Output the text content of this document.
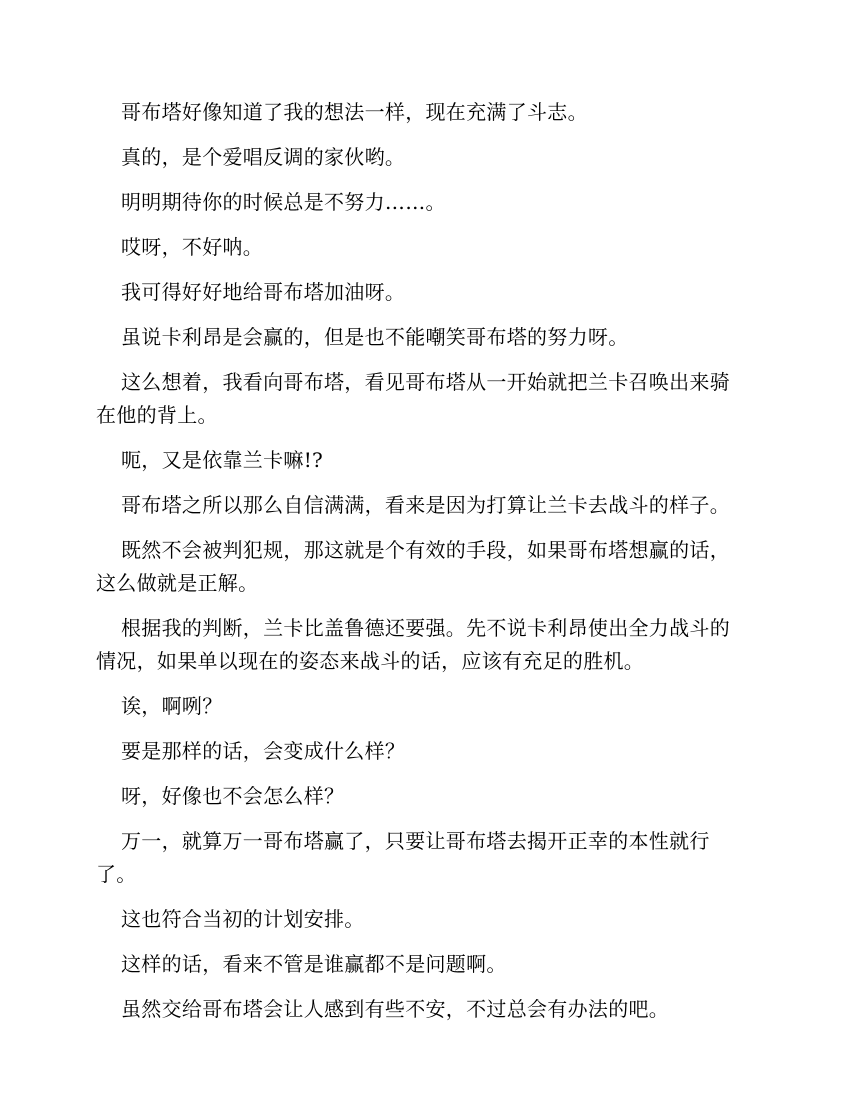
哥布塔好像知道了我的想法一样，现在充满了斗志。

真的，是个爱唱反调的家伙哟。

明明期待你的时候总是不努力……。

哎呀，不好呐。

我可得好好地给哥布塔加油呀。

虽说卡利昂是会赢的，但是也不能嘲笑哥布塔的努力呀。

这么想着，我看向哥布塔，看见哥布塔从一开始就把兰卡召唤出来骑在他的背上。

呃，又是依靠兰卡嘛!?

哥布塔之所以那么自信满满，看来是因为打算让兰卡去战斗的样子。

既然不会被判犯规，那这就是个有效的手段，如果哥布塔想赢的话，这么做就是正解。

根据我的判断，兰卡比盖鲁德还要强。先不说卡利昂使出全力战斗的情况，如果单以现在的姿态来战斗的话，应该有充足的胜机。

诶，啊咧？

要是那样的话，会变成什么样？

呀，好像也不会怎么样？

万一，就算万一哥布塔赢了，只要让哥布塔去揭开正幸的本性就行了。

这也符合当初的计划安排。

这样的话，看来不管是谁赢都不是问题啊。

虽然交给哥布塔会让人感到有些不安，不过总会有办法的吧。
